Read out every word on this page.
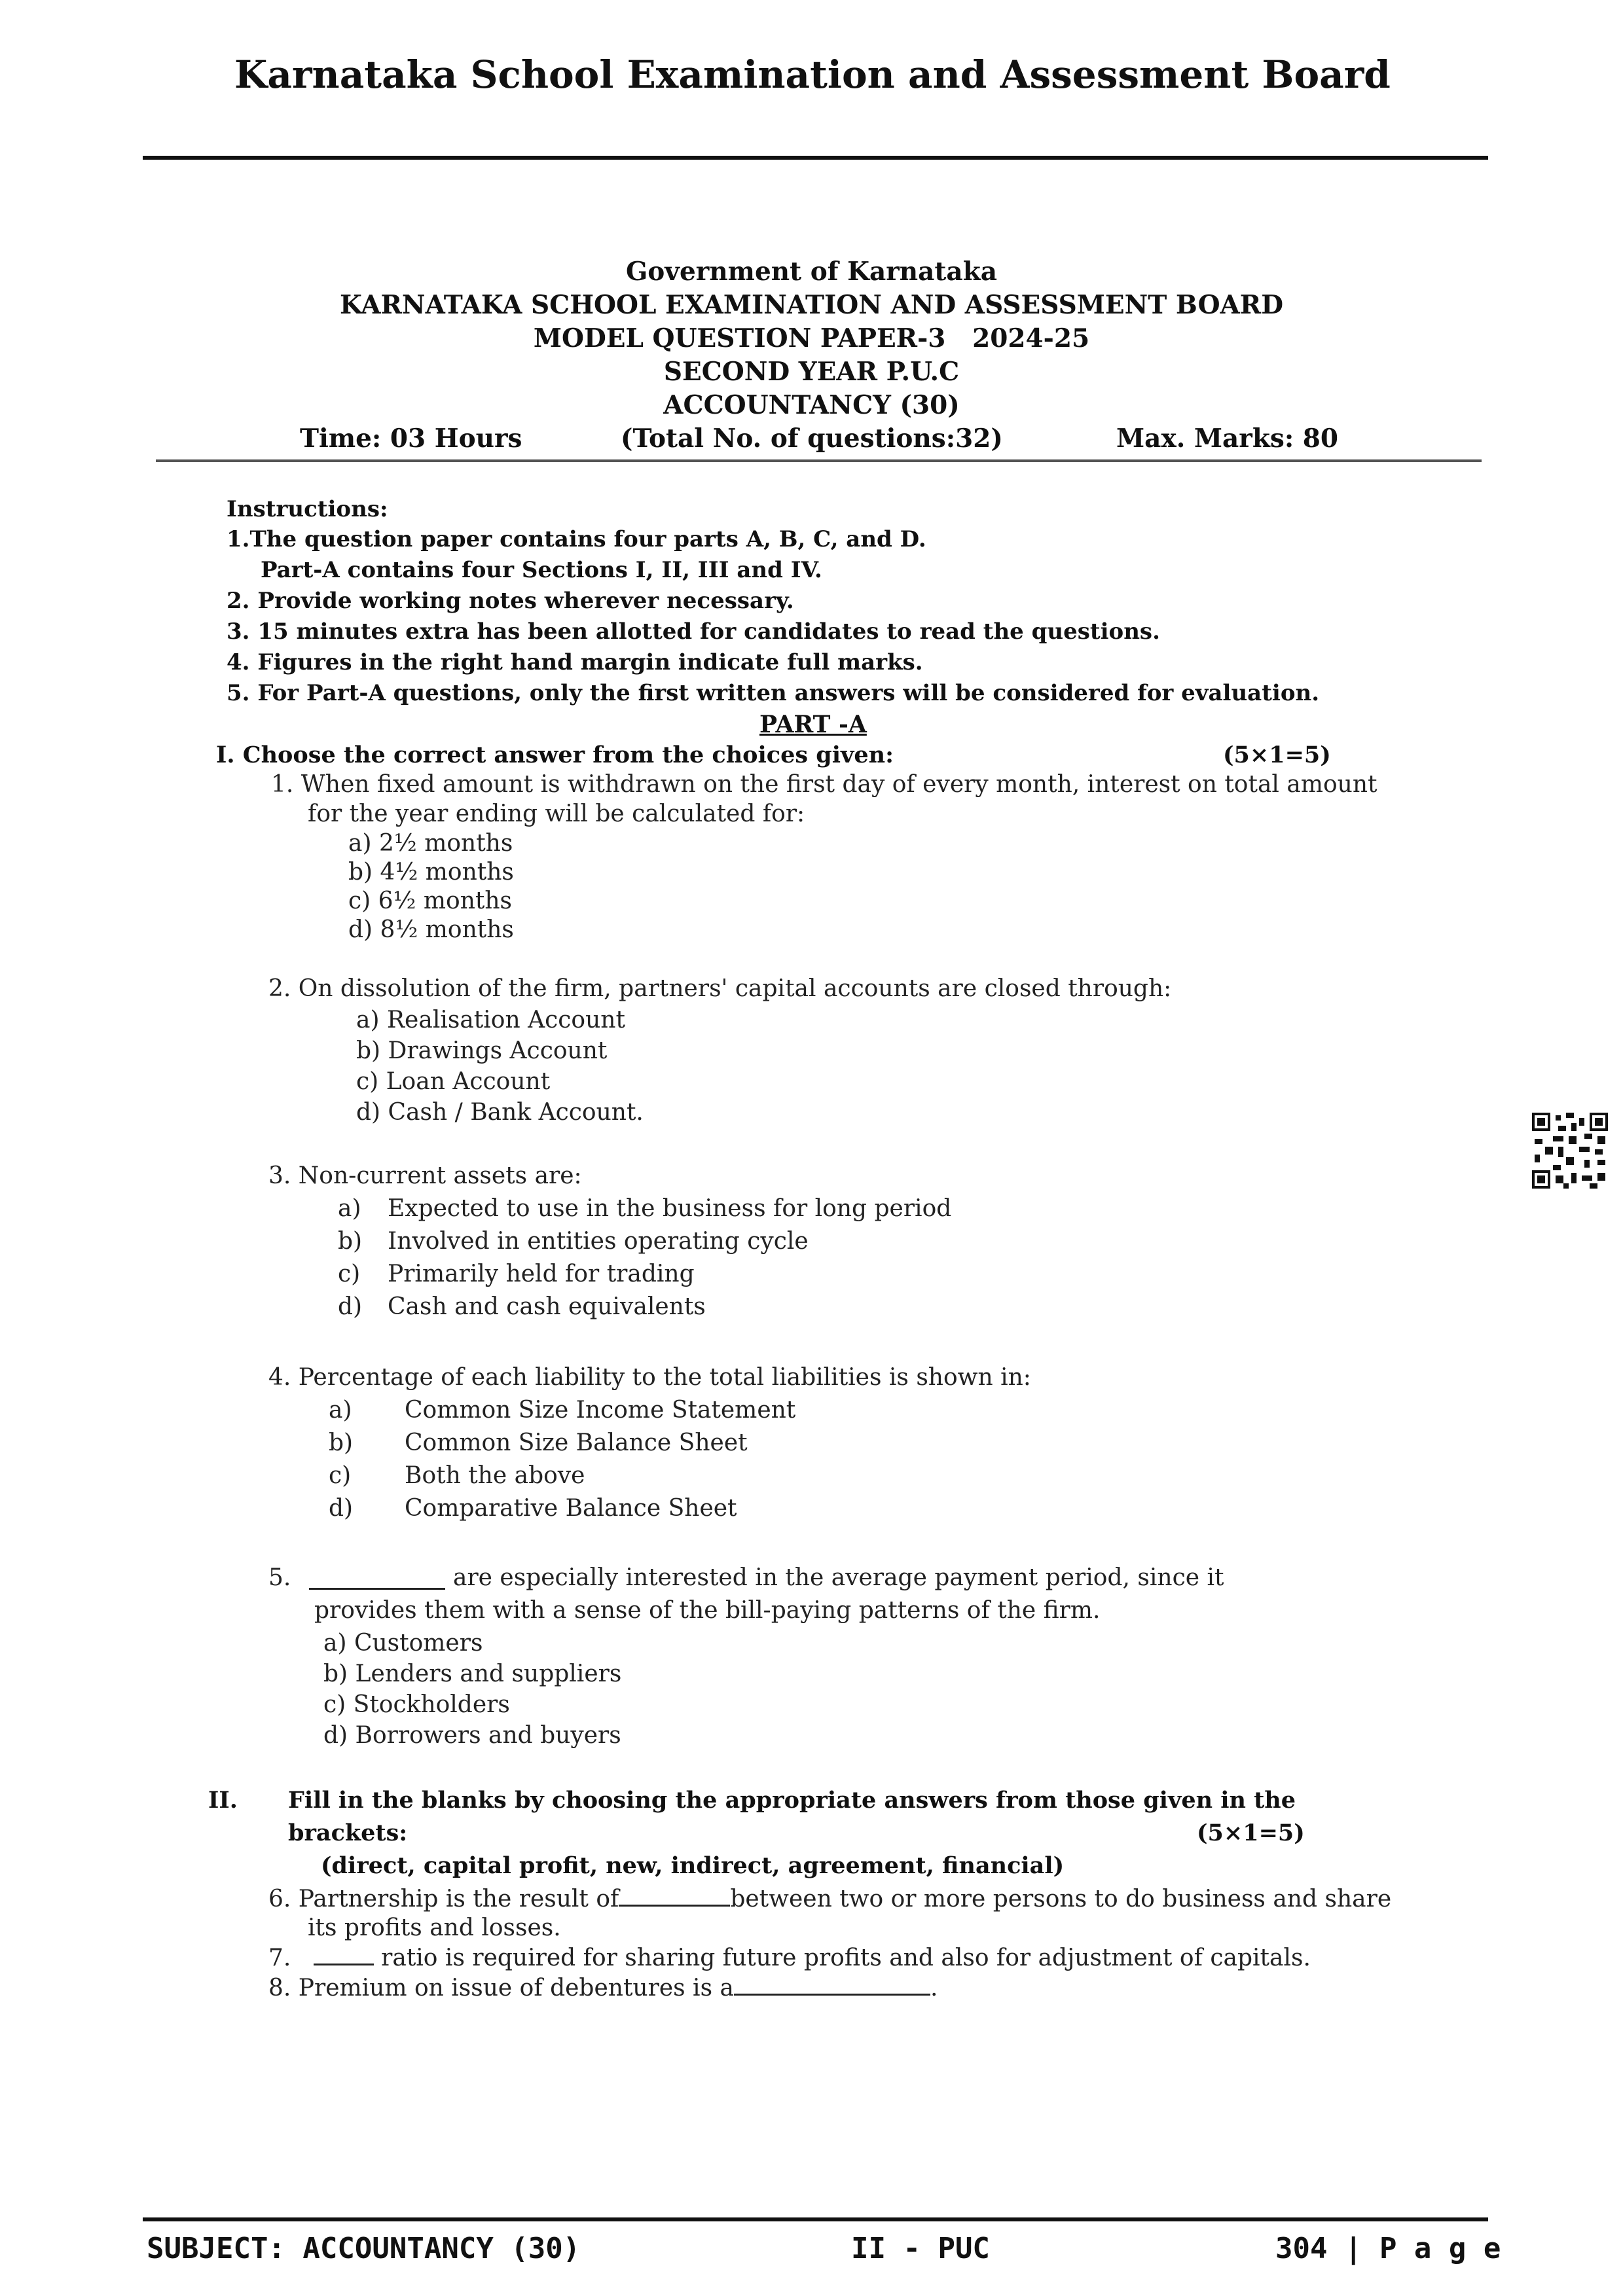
Karnataka School Examination and Assessment Board
Government of Karnataka
KARNATAKA SCHOOL EXAMINATION AND ASSESSMENT BOARD
MODEL QUESTION PAPER-3   2024-25
SECOND YEAR P.U.C
ACCOUNTANCY (30)
Time: 03 Hours	(Total No. of questions:32)	Max. Marks: 80
Instructions:
1.The question paper contains four parts A, B, C, and D.
Part-A contains four Sections I, II, III and IV.
2. Provide working notes wherever necessary.
3. 15 minutes extra has been allotted for candidates to read the questions.
4. Figures in the right hand margin indicate full marks.
5. For Part-A questions, only the first written answers will be considered for evaluation.
PART -A
I. Choose the correct answer from the choices given:	(5×1=5)
1. When fixed amount is withdrawn on the first day of every month, interest on total amount
for the year ending will be calculated for:
a) 2½ months
b) 4½ months
c) 6½ months
d) 8½ months
2. On dissolution of the firm, partners' capital accounts are closed through:
a) Realisation Account
b) Drawings Account
c) Loan Account
d) Cash / Bank Account.
3. Non-current assets are:
a) Expected to use in the business for long period
b) Involved in entities operating cycle
c) Primarily held for trading
d) Cash and cash equivalents
4. Percentage of each liability to the total liabilities is shown in:
a) Common Size Income Statement
b) Common Size Balance Sheet
c) Both the above
d) Comparative Balance Sheet
5.	are especially interested in the average payment period, since it
provides them with a sense of the bill-paying patterns of the firm.
a) Customers
b) Lenders and suppliers
c) Stockholders
d) Borrowers and buyers
II. Fill in the blanks by choosing the appropriate answers from those given in the
brackets:	(5×1=5)
(direct, capital profit, new, indirect, agreement, financial)
6. Partnership is the result of	between two or more persons to do business and share
its profits and losses.
7.	ratio is required for sharing future profits and also for adjustment of capitals.
8. Premium on issue of debentures is a	.
SUBJECT: ACCOUNTANCY (30)	II - PUC	304 | P a g e
